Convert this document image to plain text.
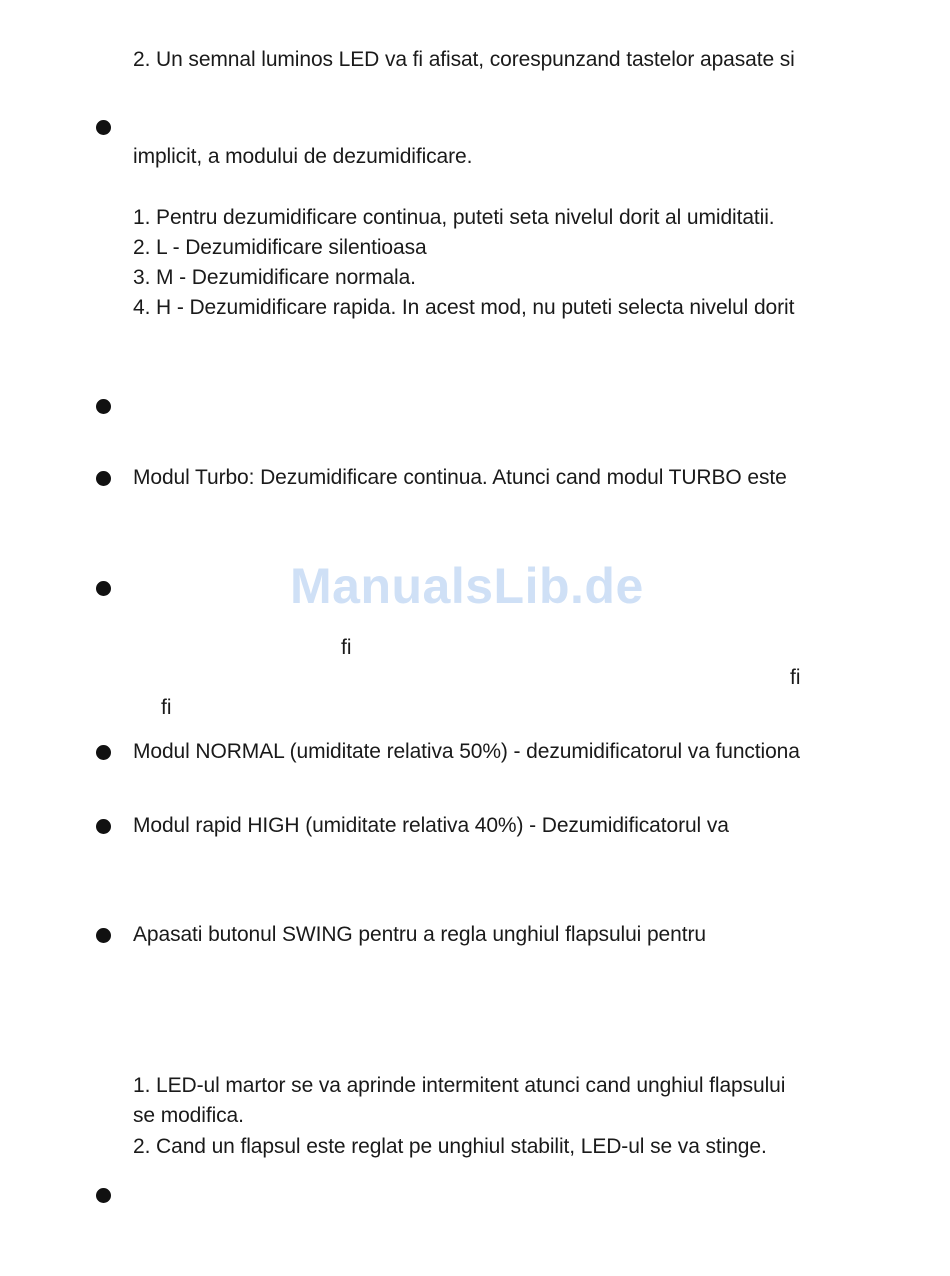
2. Un semnal luminos LED va fi afisat, corespunzand tastelor apasate si
implicit, a modului de dezumidificare.
1. Pentru dezumidificare continua, puteti seta nivelul dorit al umiditatii.
2. L - Dezumidificare silentioasa
3. M - Dezumidificare normala.
4. H - Dezumidificare rapida. In acest mod, nu puteti selecta nivelul dorit
Modul Turbo: Dezumidificare continua. Atunci cand modul TURBO este
ManualsLib.de
ﬁ
ﬁ
ﬁ
Modul NORMAL (umiditate relativa 50%) - dezumidificatorul va functiona
Modul rapid HIGH (umiditate relativa 40%) - Dezumidificatorul va
Apasati butonul SWING pentru a regla unghiul flapsului pentru
1. LED-ul martor se va aprinde intermitent atunci cand unghiul flapsului
se modifica.
2. Cand un flapsul este reglat pe unghiul stabilit, LED-ul se va stinge.
